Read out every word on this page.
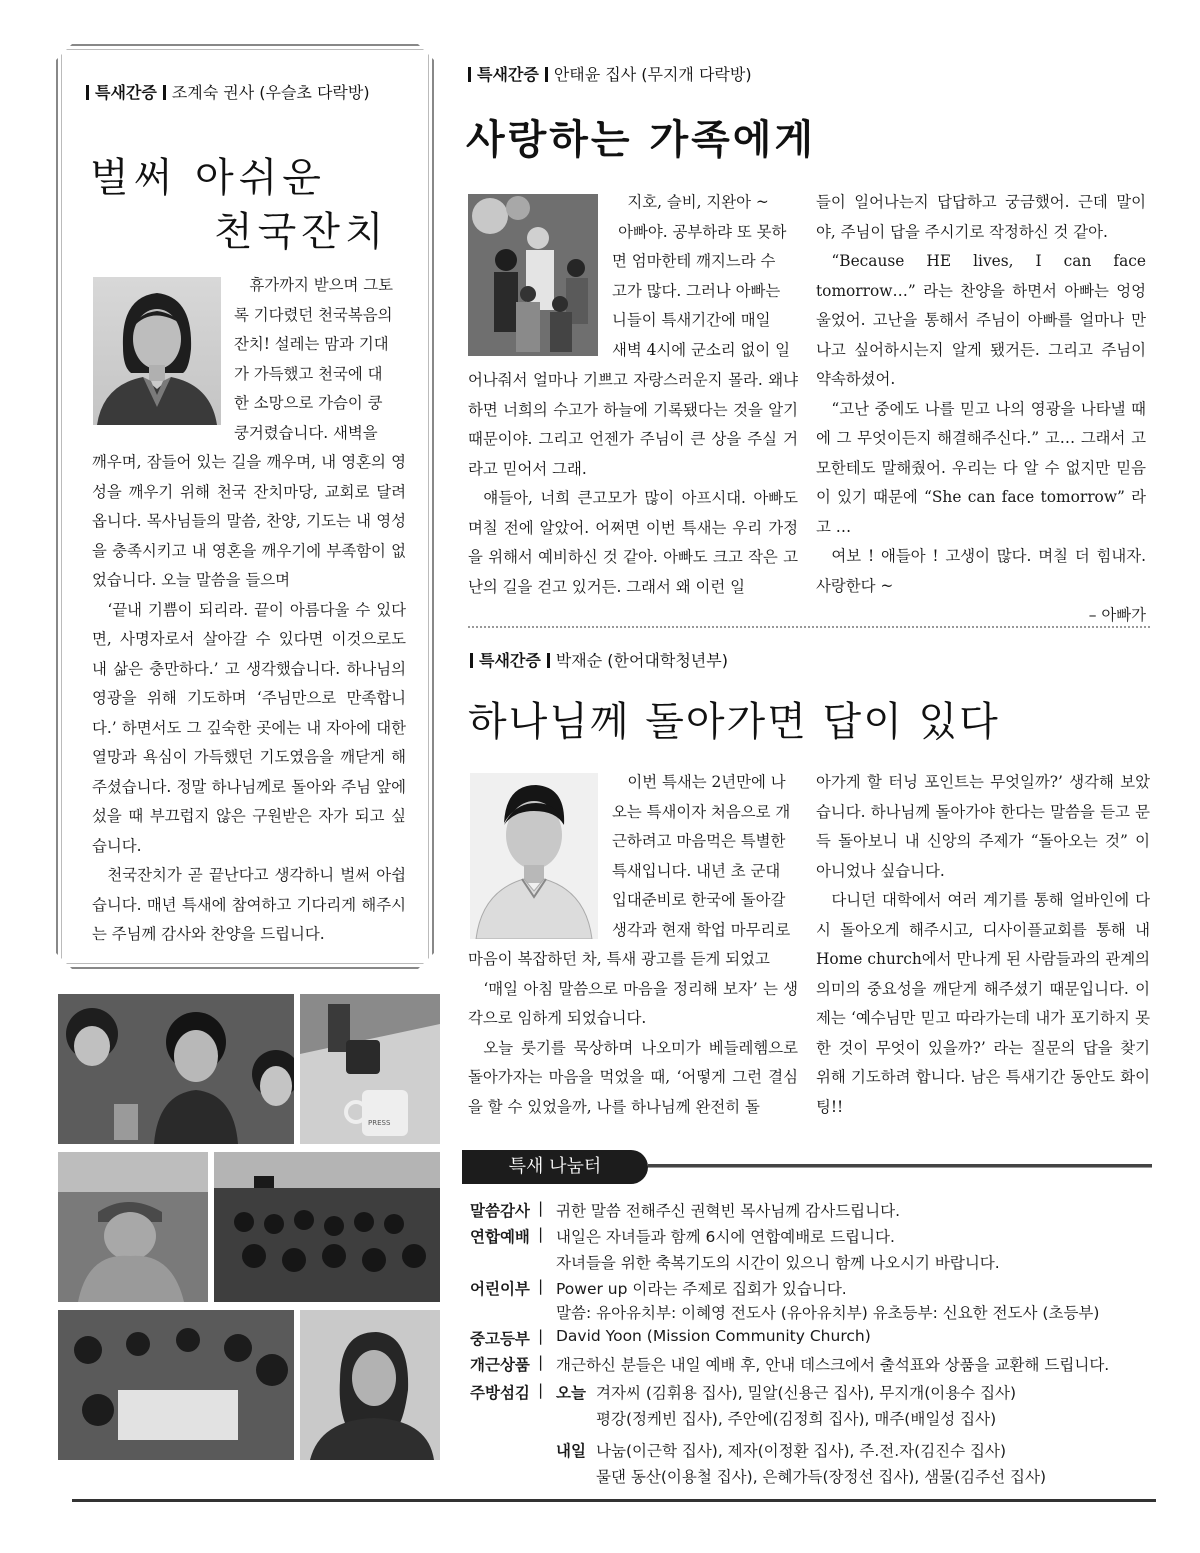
특새간증 조계숙 권사 (우슬초 다락방)
벌써 아쉬운
천국잔치
휴가까지 받으며 그토
록 기다렸던 천국복음의
잔치! 설레는 맘과 기대
가 가득했고 천국에 대
한 소망으로 가슴이 쿵
쿵거렸습니다. 새벽을

깨우며, 잠들어 있는 길을 깨우며, 내 영혼의 영성을 깨우기 위해 천국 잔치마당, 교회로 달려옵니다. 목사님들의 말씀, 찬양, 기도는 내 영성을 충족시키고 내 영혼을 깨우기에 부족함이 없었습니다. 오늘 말씀을 들으며

‘끝내 기쁨이 되리라. 끝이 아름다울 수 있다면, 사명자로서 살아갈 수 있다면 이것으로도 내 삶은 충만하다.’ 고 생각했습니다. 하나님의 영광을 위해 기도하며 ‘주님만으로 만족합니다.’ 하면서도 그 깊숙한 곳에는 내 자아에 대한 열망과 욕심이 가득했던 기도였음을 깨닫게 해주셨습니다. 정말 하나님께로 돌아와 주님 앞에 섰을 때 부끄럽지 않은 구원받은 자가 되고 싶습니다.

천국잔치가 곧 끝난다고 생각하니 벌써 아쉽습니다. 매년 특새에 참여하고 기다리게 해주시는 주님께 감사와 찬양을 드립니다.

특새간증 안태윤 집사 (무지개 다락방)
사랑하는 가족에게
지호, 슬비, 지완아 ~
아빠야. 공부하랴 또 못하
면 엄마한테 깨지느라 수
고가 많다. 그러나 아빠는
니들이 특새기간에 매일
새벽 4시에 군소리 없이 일

어나줘서 얼마나 기쁘고 자랑스러운지 몰라. 왜냐하면 너희의 수고가 하늘에 기록됐다는 것을 알기 때문이야. 그리고 언젠가 주님이 큰 상을 주실 거라고 믿어서 그래.

얘들아, 너희 큰고모가 많이 아프시대. 아빠도 며칠 전에 알았어. 어쩌면 이번 특새는 우리 가정을 위해서 예비하신 것 같아. 아빠도 크고 작은 고난의 길을 걷고 있거든. 그래서 왜 이런 일

들이 일어나는지 답답하고 궁금했어. 근데 말이야, 주님이 답을 주시기로 작정하신 것 같아.

“Because HE lives, I can face tomorrow…” 라는 찬양을 하면서 아빠는 엉엉 울었어. 고난을 통해서 주님이 아빠를 얼마나 만나고 싶어하시는지 알게 됐거든. 그리고 주님이 약속하셨어.

“고난 중에도 나를 믿고 나의 영광을 나타낼 때에 그 무엇이든지 해결해주신다.” 고… 그래서 고모한테도 말해줬어. 우리는 다 알 수 없지만 믿음이 있기 때문에 “She can face tomorrow” 라고 …

여보 ! 애들아 ! 고생이 많다. 며칠 더 힘내자. 사랑한다 ~

– 아빠가
특새간증 박재순 (한어대학청년부)
하나님께 돌아가면 답이 있다
이번 특새는 2년만에 나
오는 특새이자 처음으로 개
근하려고 마음먹은 특별한
특새입니다. 내년 초 군대
입대준비로 한국에 돌아갈
생각과 현재 학업 마무리로

마음이 복잡하던 차, 특새 광고를 듣게 되었고

‘매일 아침 말씀으로 마음을 정리해 보자’ 는 생각으로 임하게 되었습니다.

오늘 룻기를 묵상하며 나오미가 베들레헴으로 돌아가자는 마음을 먹었을 때, ‘어떻게 그런 결심을 할 수 있었을까, 나를 하나님께 완전히 돌

아가게 할 터닝 포인트는 무엇일까?’ 생각해 보았습니다. 하나님께 돌아가야 한다는 말씀을 듣고 문득 돌아보니 내 신앙의 주제가 “돌아오는 것” 이 아니었나 싶습니다.

다니던 대학에서 여러 계기를 통해 얼바인에 다시 돌아오게 해주시고, 디사이플교회를 통해 내 Home church에서 만나게 된 사람들과의 관계의 의미의 중요성을 깨닫게 해주셨기 때문입니다. 이제는 ‘예수님만 믿고 따라가는데 내가 포기하지 못한 것이 무엇이 있을까?’ 라는 질문의 답을 찾기 위해 기도하려 합니다. 남은 특새기간 동안도 화이팅!!

PRESS
특새 나눔터
말씀감사 | 귀한 말씀 전해주신 권혁빈 목사님께 감사드립니다.
연합예배 | 내일은 자녀들과 함께 6시에 연합예배로 드립니다.
자녀들을 위한 축복기도의 시간이 있으니 함께 나오시기 바랍니다.
어린이부 | Power up 이라는 주제로 집회가 있습니다.
말씀: 유아유치부: 이혜영 전도사 (유아유치부) 유초등부: 신요한 전도사 (초등부)
중고등부 | David Yoon (Mission Community Church)
개근상품 | 개근하신 분들은 내일 예배 후, 안내 데스크에서 출석표와 상품을 교환해 드립니다.
주방섬김 | 오늘 겨자씨 (김휘용 집사), 밀알(신용근 집사), 무지개(이용수 집사)
평강(정케빈 집사), 주안에(김정희 집사), 매주(배일성 집사)
내일 나눔(이근학 집사), 제자(이정환 집사), 주.전.자(김진수 집사)
물댄 동산(이용철 집사), 은혜가득(장정선 집사), 샘물(김주선 집사)
